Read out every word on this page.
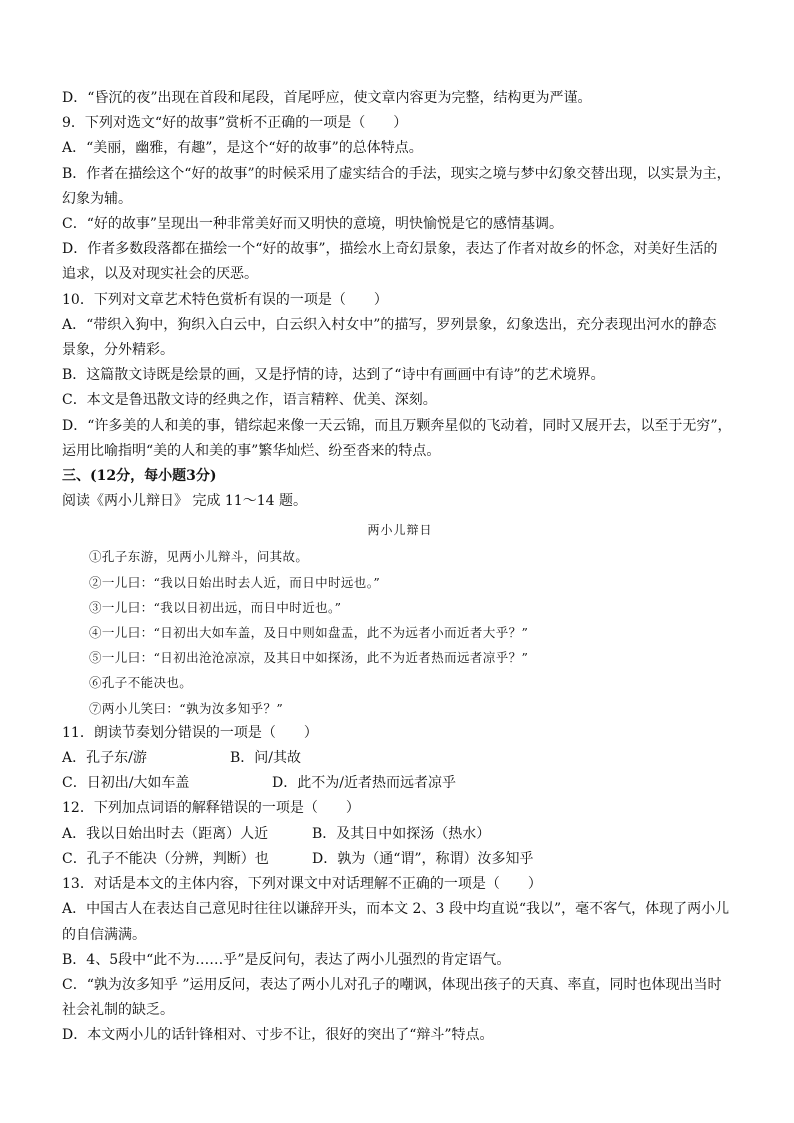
D．“昏沉的夜”出现在首段和尾段，首尾呼应，使文章内容更为完整，结构更为严谨。
9．下列对选文“好的故事”赏析不正确的一项是（　　）
A．“美丽，幽雅，有趣”，是这个“好的故事”的总体特点。
B．作者在描绘这个“好的故事”的时候采用了虚实结合的手法，现实之境与梦中幻象交替出现，以实景为主，
幻象为辅。
C．“好的故事”呈现出一种非常美好而又明快的意境，明快愉悦是它的感情基调。
D．作者多数段落都在描绘一个“好的故事”，描绘水上奇幻景象，表达了作者对故乡的怀念，对美好生活的
追求，以及对现实社会的厌恶。
10．下列对文章艺术特色赏析有误的一项是（　　）
A．“带织入狗中，狗织入白云中，白云织入村女中”的描写，罗列景象，幻象迭出，充分表现出河水的静态
景象，分外精彩。
B．这篇散文诗既是绘景的画，又是抒情的诗，达到了“诗中有画画中有诗”的艺术境界。
C．本文是鲁迅散文诗的经典之作，语言精粹、优美、深刻。
D．“许多美的人和美的事，错综起来像一天云锦，而且万颗奔星似的飞动着，同时又展开去，以至于无穷”，
运用比喻指明“美的人和美的事”繁华灿烂、纷至沓来的特点。
三、(12分，每小题3分)
阅读《两小儿辩日》 完成 11～14 题。
两小儿辩日
①孔子东游，见两小儿辩斗，问其故。
②一儿曰：“我以日始出时去人近，而日中时远也。”
③一儿曰：“我以日初出远，而日中时近也。”
④一儿曰：“日初出大如车盖，及日中则如盘盂，此不为远者小而近者大乎？”
⑤一儿曰：“日初出沧沧凉凉，及其日中如探汤，此不为近者热而远者凉乎？”
⑥孔子不能决也。
⑦两小儿笑曰：“孰为汝多知乎？”
11．朗读节奏划分错误的一项是（　　）
A．孔子东/游	B．问/其故
C．日初出/大如车盖	D．此不为/近者热而远者凉乎
12．下列加点词语的解释错误的一项是（　　）
A．我以日始出时去（距离）人近	B．及其日中如探汤（热水）
C．孔子不能决（分辨，判断）也	D．孰为（通“谓”，称谓）汝多知乎
13．对话是本文的主体内容，下列对课文中对话理解不正确的一项是（　　）
A．中国古人在表达自己意见时往往以谦辞开头，而本文 2、3 段中均直说“我以”，毫不客气，体现了两小儿
的自信满满。
B．4、5段中“此不为……乎”是反问句，表达了两小儿强烈的肯定语气。
C．“孰为汝多知乎 ”运用反问，表达了两小儿对孔子的嘲讽，体现出孩子的天真、率直，同时也体现出当时
社会礼制的缺乏。
D．本文两小儿的话针锋相对、寸步不让，很好的突出了“辩斗”特点。
